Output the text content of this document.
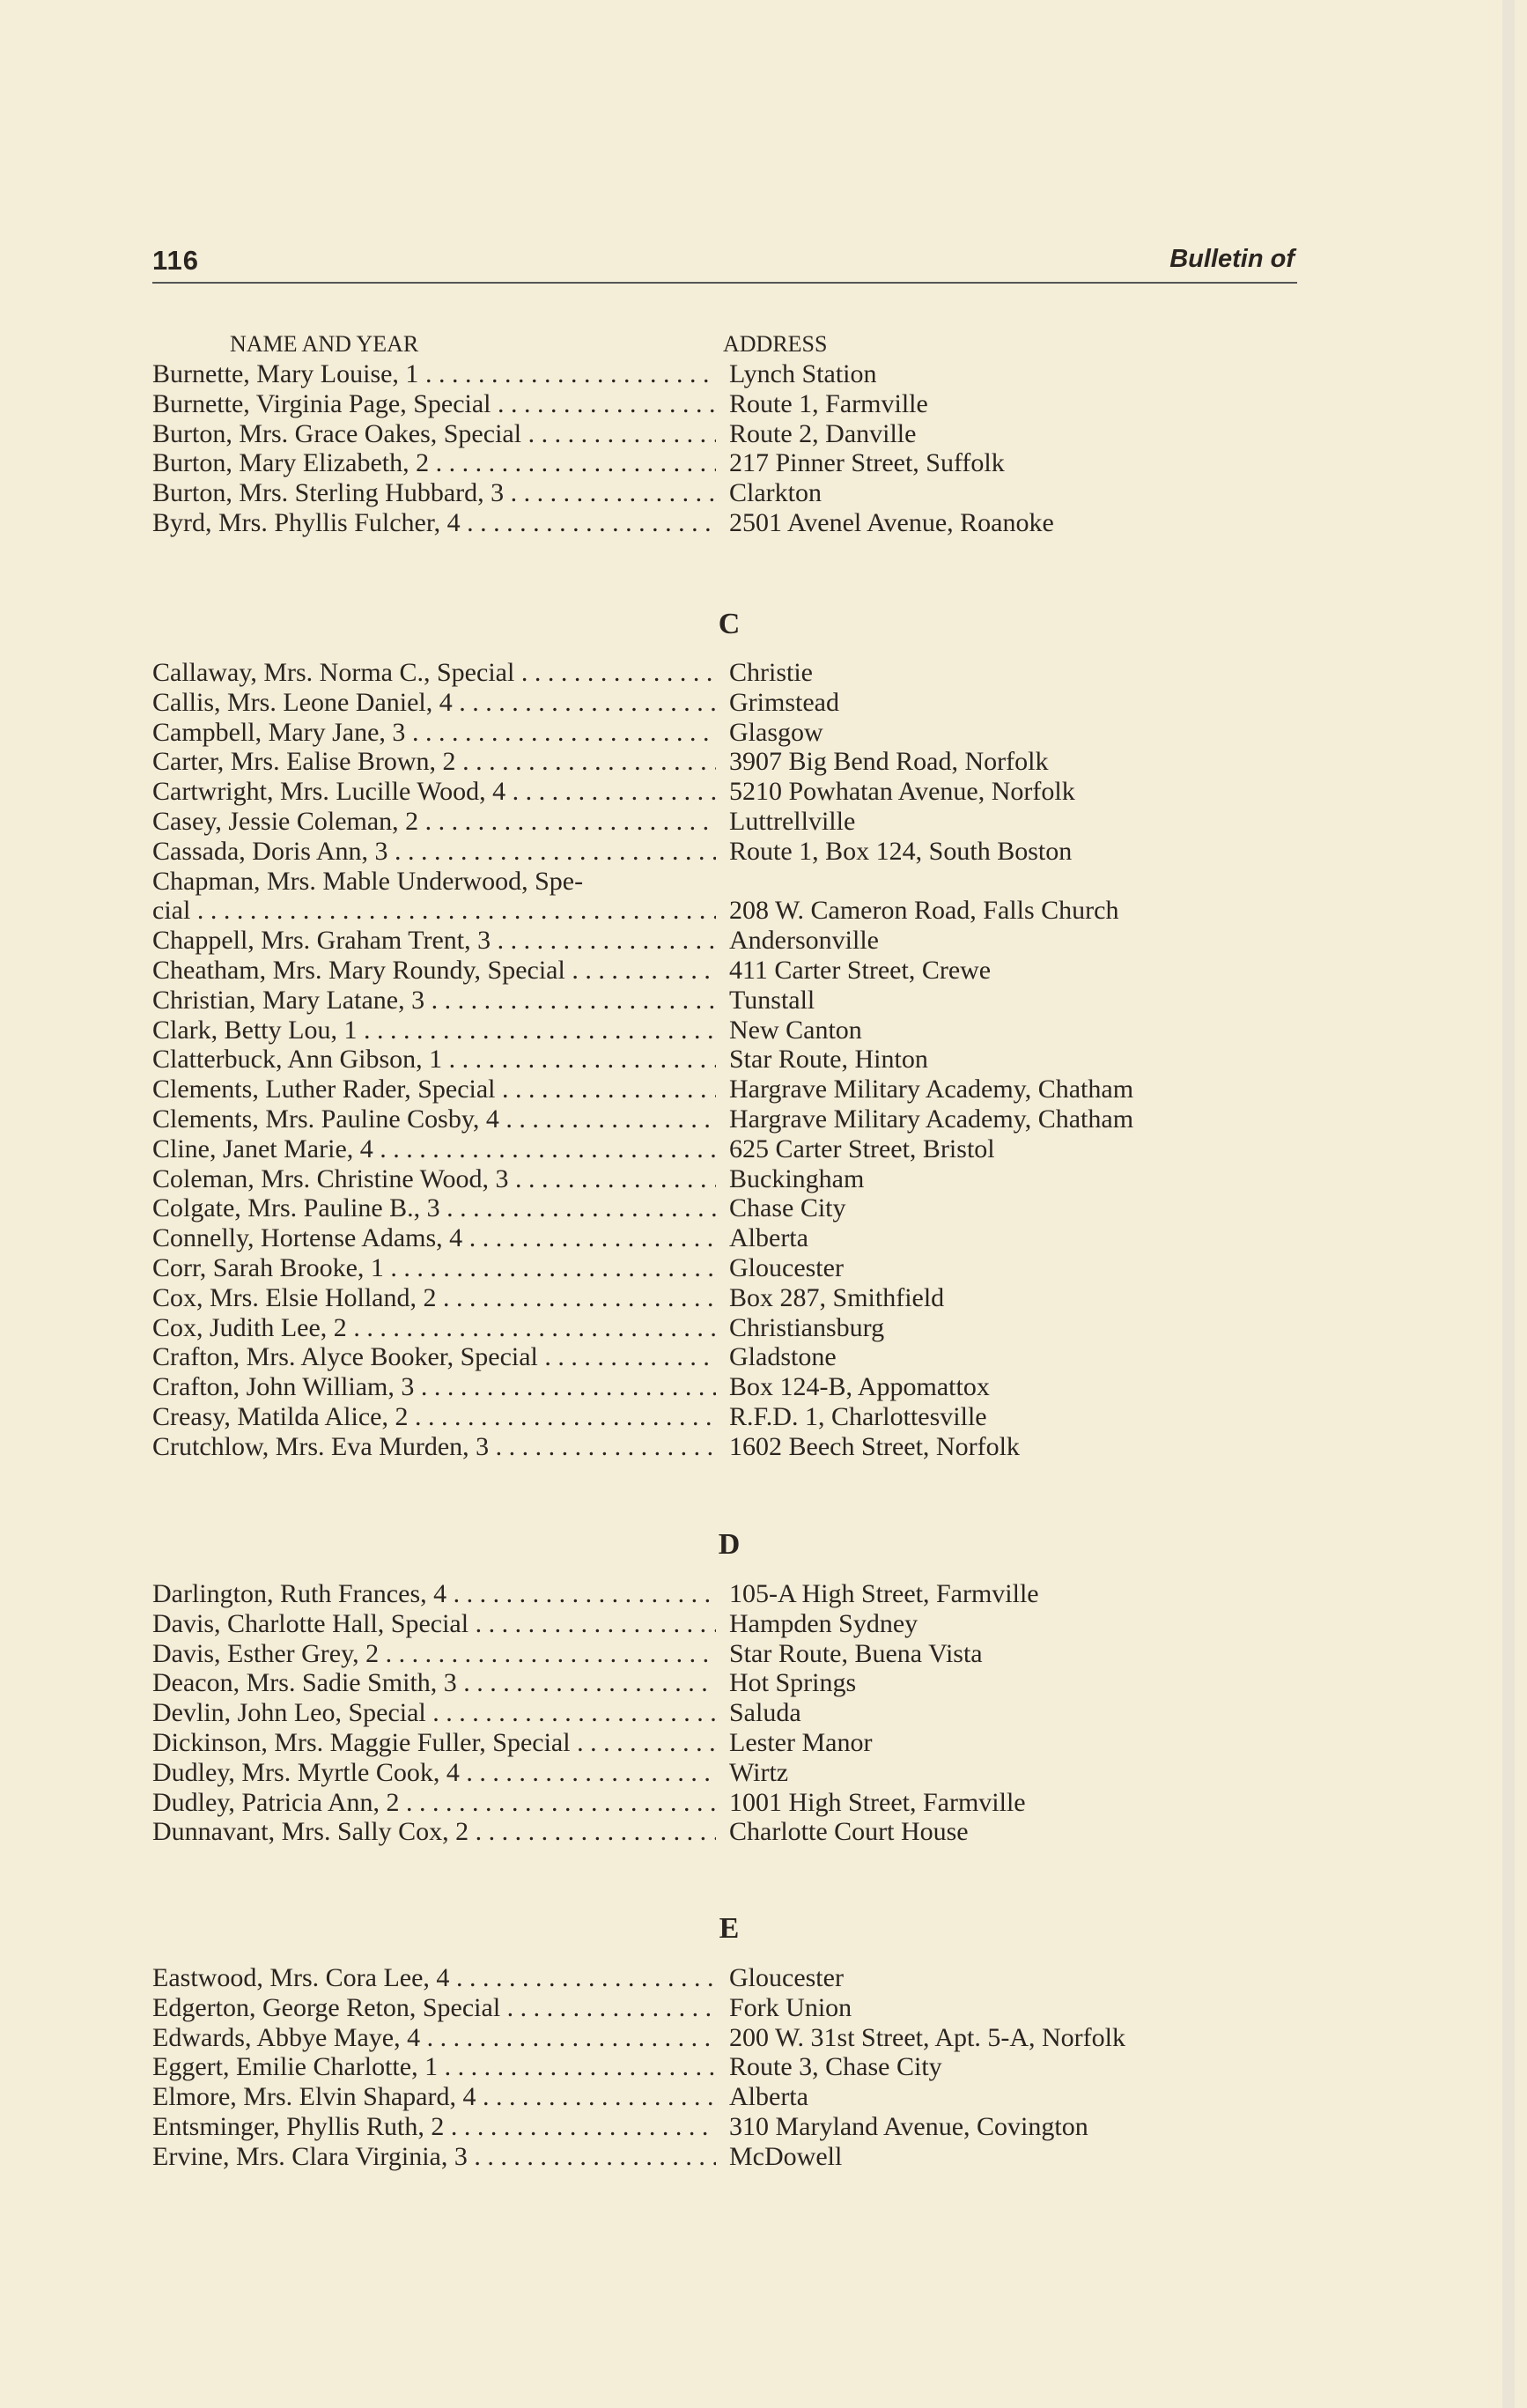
116	Bulletin of
NAME AND YEAR	ADDRESS
Burnette, Mary Louise, 1 . . .	Lynch Station
Burnette, Virginia Page, Special . . .	Route 1, Farmville
Burton, Mrs. Grace Oakes, Special . . .	Route 2, Danville
Burton, Mary Elizabeth, 2 . . .	217 Pinner Street, Suffolk
Burton, Mrs. Sterling Hubbard, 3 . . .	Clarkton
Byrd, Mrs. Phyllis Fulcher, 4 . . .	2501 Avenel Avenue, Roanoke
C
Callaway, Mrs. Norma C., Special . . .	Christie
Callis, Mrs. Leone Daniel, 4 . . .	Grimstead
Campbell, Mary Jane, 3 . . .	Glasgow
Carter, Mrs. Ealise Brown, 2 . . .	3907 Big Bend Road, Norfolk
Cartwright, Mrs. Lucille Wood, 4 . . .	5210 Powhatan Avenue, Norfolk
Casey, Jessie Coleman, 2 . . .	Luttrellville
Cassada, Doris Ann, 3 . . .	Route 1, Box 124, South Boston
Chapman, Mrs. Mable Underwood, Spe-
cial . . .	208 W. Cameron Road, Falls Church
Chappell, Mrs. Graham Trent, 3 . . .	Andersonville
Cheatham, Mrs. Mary Roundy, Special . . .	411 Carter Street, Crewe
Christian, Mary Latane, 3 . . .	Tunstall
Clark, Betty Lou, 1 . . .	New Canton
Clatterbuck, Ann Gibson, 1 . . .	Star Route, Hinton
Clements, Luther Rader, Special . . .	Hargrave Military Academy, Chatham
Clements, Mrs. Pauline Cosby, 4 . . .	Hargrave Military Academy, Chatham
Cline, Janet Marie, 4 . . .	625 Carter Street, Bristol
Coleman, Mrs. Christine Wood, 3 . . .	Buckingham
Colgate, Mrs. Pauline B., 3 . . .	Chase City
Connelly, Hortense Adams, 4 . . .	Alberta
Corr, Sarah Brooke, 1 . . .	Gloucester
Cox, Mrs. Elsie Holland, 2 . . .	Box 287, Smithfield
Cox, Judith Lee, 2 . . .	Christiansburg
Crafton, Mrs. Alyce Booker, Special . . .	Gladstone
Crafton, John William, 3 . . .	Box 124-B, Appomattox
Creasy, Matilda Alice, 2 . . .	R.F.D. 1, Charlottesville
Crutchlow, Mrs. Eva Murden, 3 . . .	1602 Beech Street, Norfolk
D
Darlington, Ruth Frances, 4 . . .	105-A High Street, Farmville
Davis, Charlotte Hall, Special . . .	Hampden Sydney
Davis, Esther Grey, 2 . . .	Star Route, Buena Vista
Deacon, Mrs. Sadie Smith, 3 . . .	Hot Springs
Devlin, John Leo, Special . . .	Saluda
Dickinson, Mrs. Maggie Fuller, Special . . .	Lester Manor
Dudley, Mrs. Myrtle Cook, 4 . . .	Wirtz
Dudley, Patricia Ann, 2 . . .	1001 High Street, Farmville
Dunnavant, Mrs. Sally Cox, 2 . . .	Charlotte Court House
E
Eastwood, Mrs. Cora Lee, 4 . . .	Gloucester
Edgerton, George Reton, Special . . .	Fork Union
Edwards, Abbye Maye, 4 . . .	200 W. 31st Street, Apt. 5-A, Norfolk
Eggert, Emilie Charlotte, 1 . . .	Route 3, Chase City
Elmore, Mrs. Elvin Shapard, 4 . . .	Alberta
Entsminger, Phyllis Ruth, 2 . . .	310 Maryland Avenue, Covington
Ervine, Mrs. Clara Virginia, 3 . . .	McDowell
